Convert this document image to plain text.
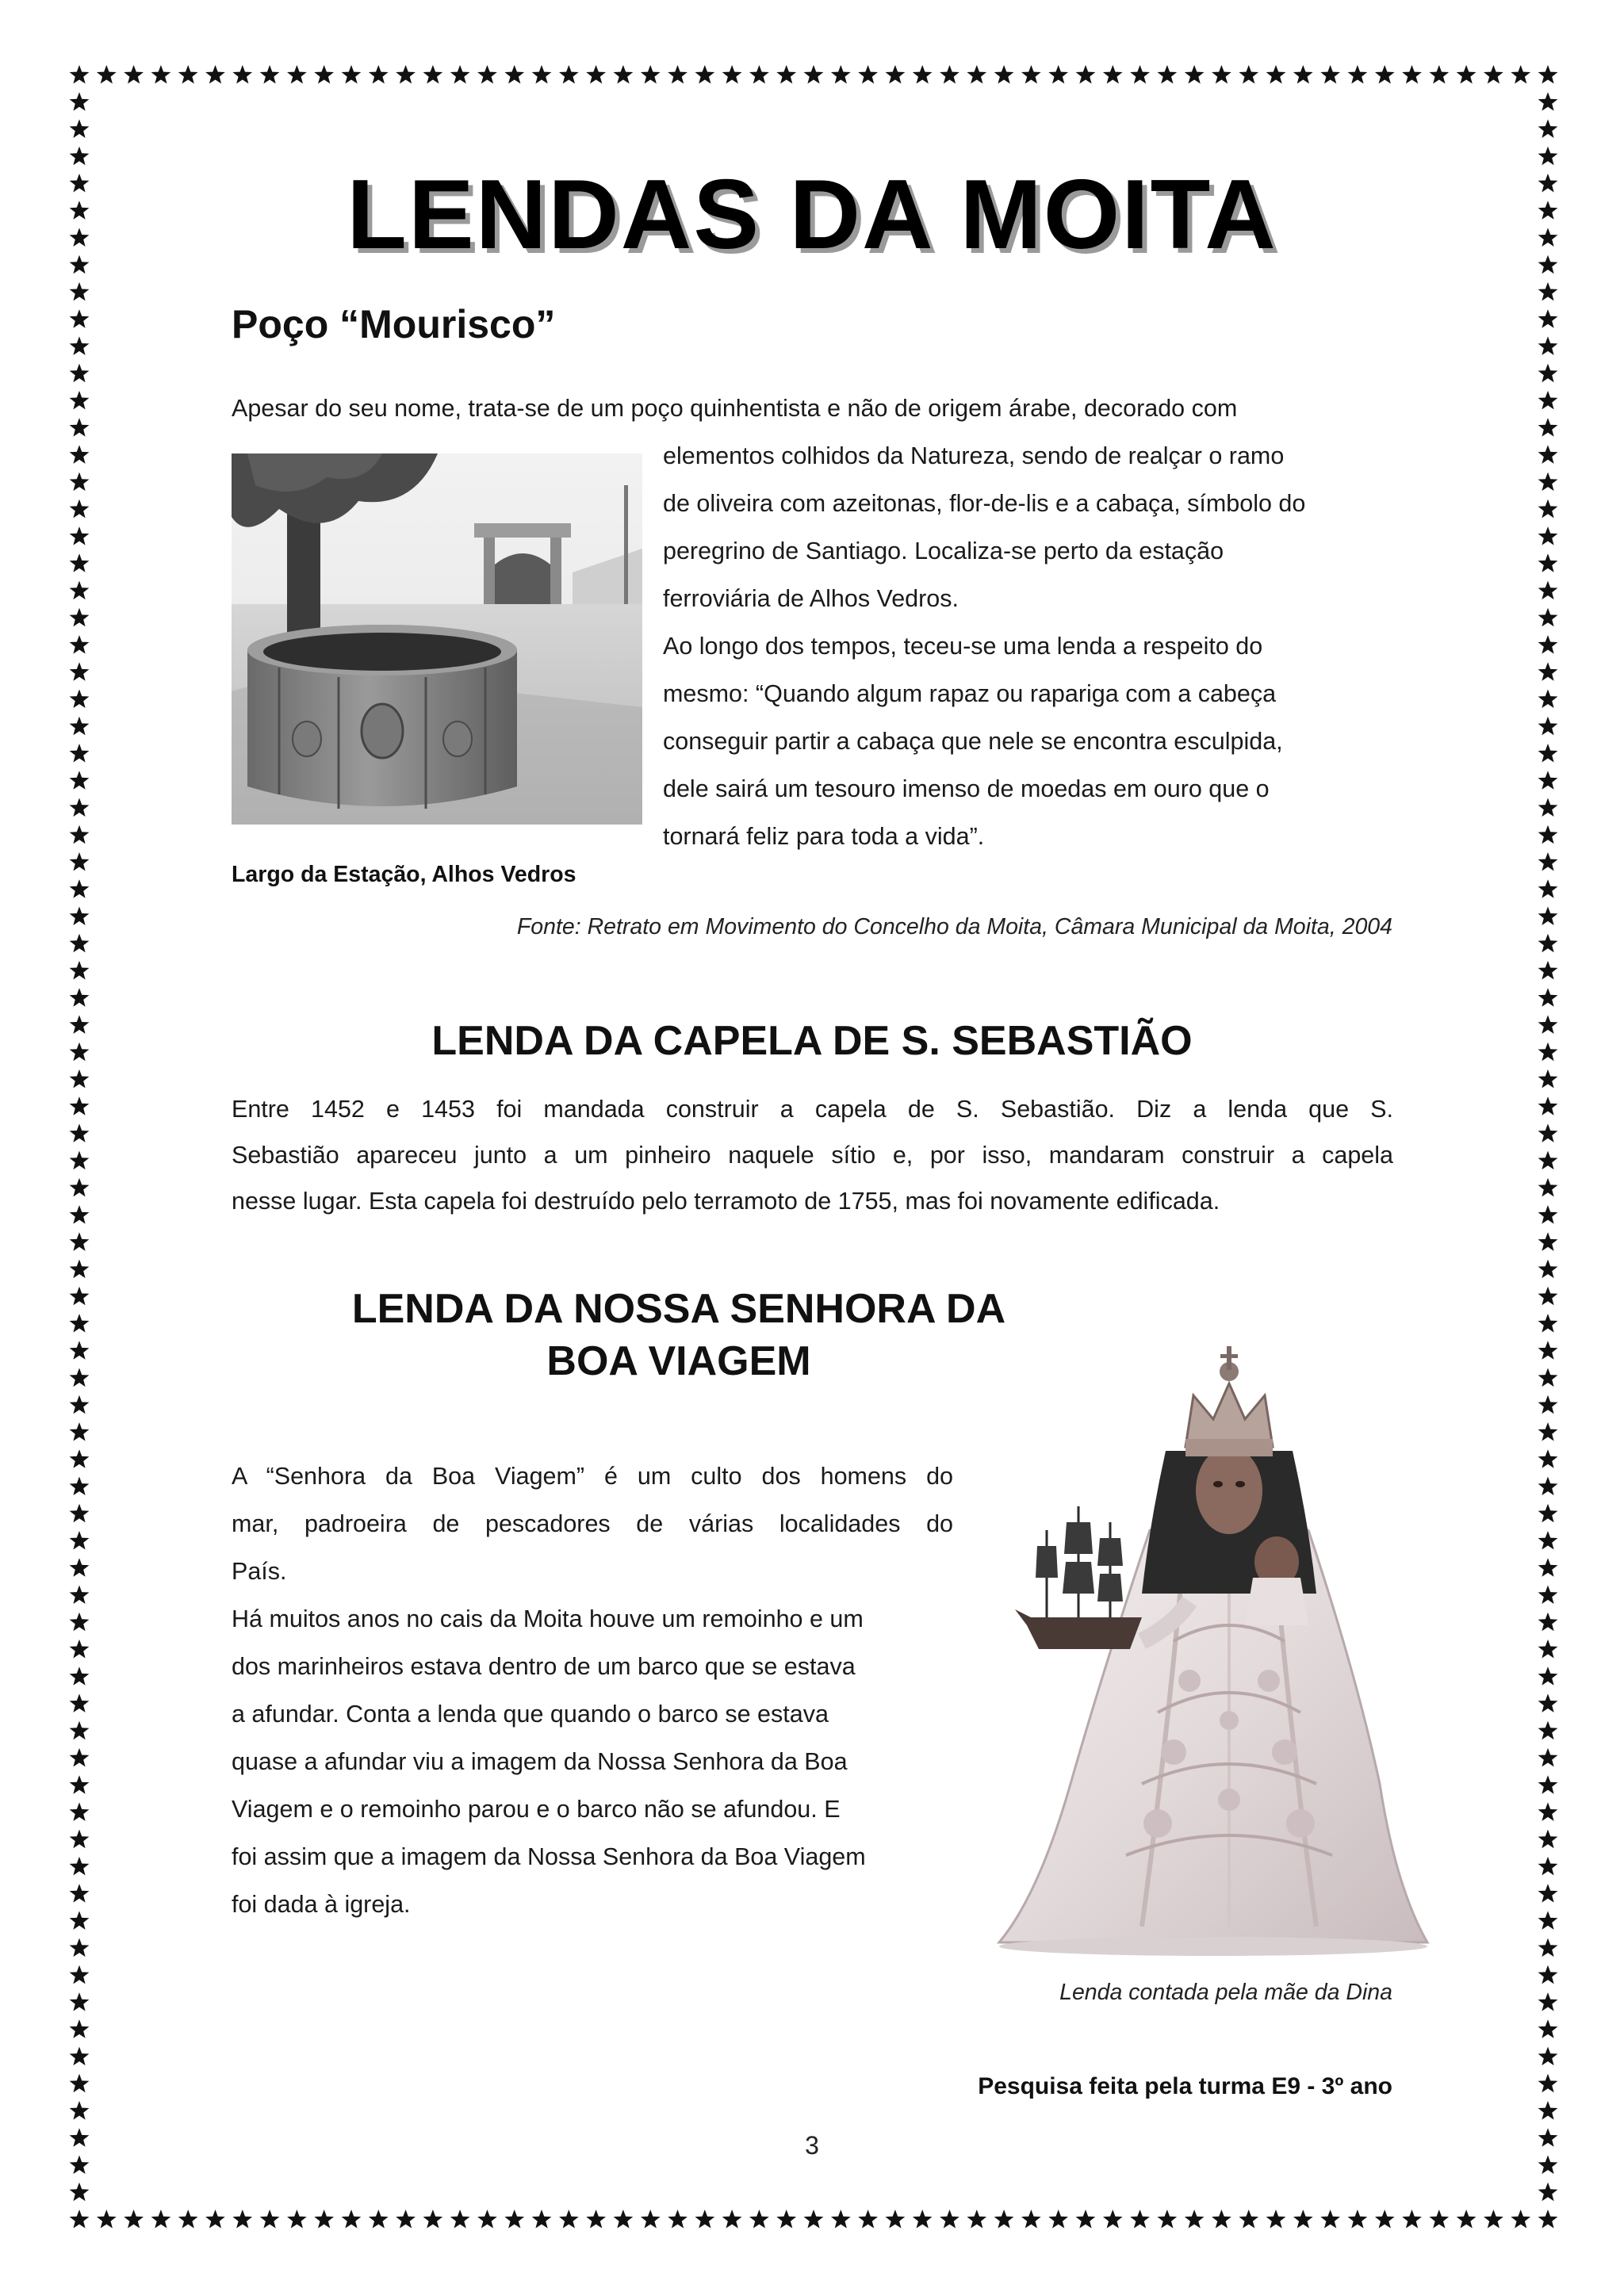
LENDAS DA MOITA
Poço “Mourisco”
Apesar do seu nome, trata-se de um poço quinhentista e não de origem árabe, decorado com
elementos colhidos da Natureza, sendo de realçar o ramo
de oliveira com azeitonas, flor-de-lis e a cabaça, símbolo do
peregrino de Santiago. Localiza-se perto da estação
ferroviária de Alhos Vedros.
Ao longo dos tempos, teceu-se uma lenda a respeito do
mesmo: “Quando algum rapaz ou rapariga com a cabeça
conseguir partir a cabaça que nele se encontra esculpida,
dele sairá um tesouro imenso de moedas em ouro que o
tornará feliz para toda a vida”.
Largo da Estação, Alhos Vedros
Fonte: Retrato em Movimento do Concelho da Moita, Câmara Municipal da Moita, 2004
LENDA DA CAPELA DE S. SEBASTIÃO
Entre 1452 e 1453 foi mandada construir a capela de S. Sebastião. Diz a lenda que S.
Sebastião apareceu junto a um pinheiro naquele sítio e, por isso, mandaram construir a capela
nesse lugar. Esta capela foi destruído pelo terramoto de 1755, mas foi novamente edificada.
LENDA DA NOSSA SENHORA DA
BOA VIAGEM
A “Senhora da Boa Viagem” é um culto dos homens do
mar, padroeira de pescadores de várias localidades do
País.
Há muitos anos no cais da Moita houve um remoinho e um
dos marinheiros estava dentro de um barco que se estava
a afundar. Conta a lenda que quando o barco se estava
quase a afundar viu a imagem da Nossa Senhora da Boa
Viagem e o remoinho parou e o barco não se afundou. E
foi assim que a imagem da Nossa Senhora da Boa Viagem
foi dada à igreja.
Lenda contada pela mãe da Dina
Pesquisa feita pela turma E9 - 3º ano
3
